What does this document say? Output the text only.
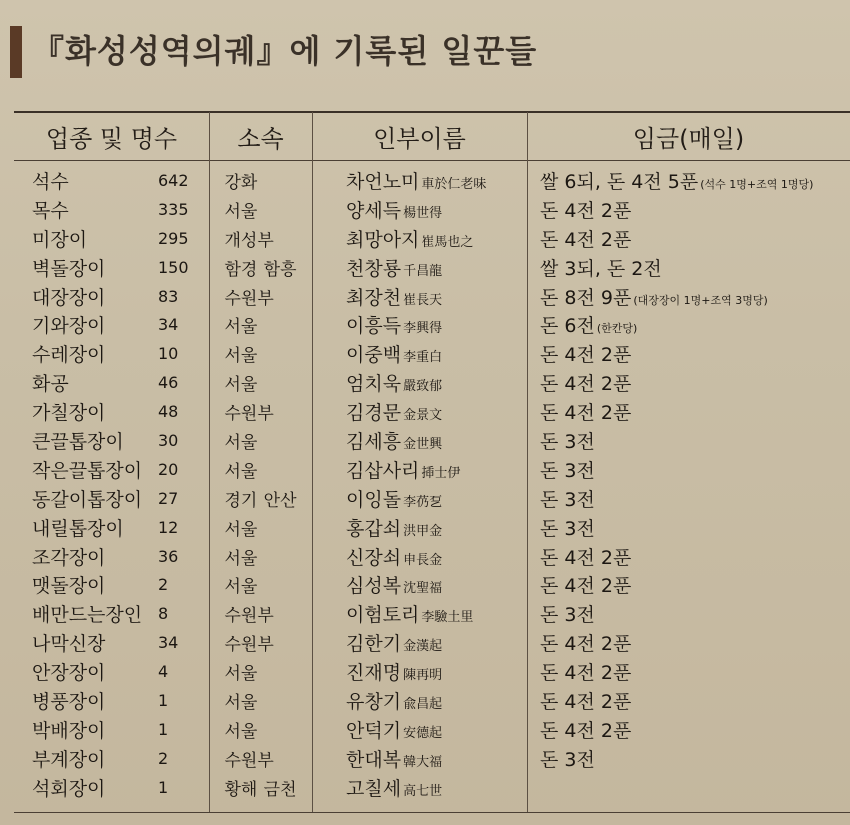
『화성성역의궤』에 기록된 일꾼들
업종 및 명수	소속	인부이름	임금(매일)
석수 642	강화	차언노미 車於仁老味	쌀 6되, 돈 4전 5푼 (석수 1명+조역 1명당)
목수 335	서울	양세득 楊世得	돈 4전 2푼
미장이 295	개성부	최망아지 崔馬也之	돈 4전 2푼
벽돌장이 150	함경 함흥	천창룡 千昌龍	쌀 3되, 돈 2전
대장장이 83	수원부	최장천 崔長天	돈 8전 9푼 (대장장이 1명+조역 3명당)
기와장이 34	서울	이흥득 李興得	돈 6전 (한칸당)
수레장이 10	서울	이중백 李重白	돈 4전 2푼
화공 46	서울	엄치욱 嚴致郁	돈 4전 2푼
가칠장이 48	수원부	김경문 金景文	돈 4전 2푼
큰끌톱장이 30	서울	김세흥 金世興	돈 3전
작은끌톱장이 20	서울	김삽사리 揷士伊	돈 3전
동갈이톱장이 27	경기 안산	이잉돌 李芿乭	돈 3전
내릴톱장이 12	서울	홍갑쇠 洪甲金	돈 3전
조각장이 36	서울	신장쇠 申長金	돈 4전 2푼
맷돌장이 2	서울	심성복 沈聖福	돈 4전 2푼
배만드는장인 8	수원부	이험토리 李驗土里	돈 3전
나막신장 34	수원부	김한기 金漢起	돈 4전 2푼
안장장이 4	서울	진재명 陳再明	돈 4전 2푼
병풍장이 1	서울	유창기 兪昌起	돈 4전 2푼
박배장이 1	서울	안덕기 安德起	돈 4전 2푼
부계장이 2	수원부	한대복 韓大福	돈 3전
석회장이 1	황해 금천	고칠세 高七世	
